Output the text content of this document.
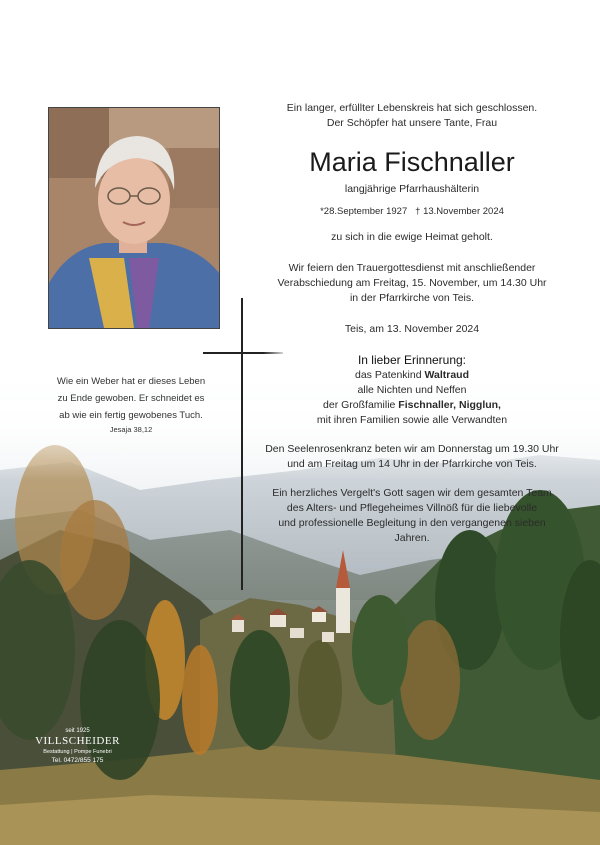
Ein langer, erfüllter Lebenskreis hat sich geschlossen.

Der Schöpfer hat unsere Tante, Frau

Maria Fischnaller
langjährige Pfarrhaushälterin
*28.September 1927 † 13.November 2024
zu sich in die ewige Heimat geholt.

Wir feiern den Trauergottesdienst mit anschließender

Verabschiedung am Freitag, 15. November, um 14.30 Uhr

in der Pfarrkirche von Teis.

Teis, am 13. November 2024

In lieber Erinnerung:

das Patenkind Waltraud

alle Nichten und Neffen

der Großfamilie Fischnaller, Nigglun,

mit ihren Familien sowie alle Verwandten

Den Seelenrosenkranz beten wir am Donnerstag um 19.30 Uhr

und am Freitag um 14 Uhr in der Pfarrkirche von Teis.

Ein herzliches Vergelt's Gott sagen wir dem gesamten Team

des Alters- und Pflegeheimes Villnöß für die liebevolle

und professionelle Begleitung in den vergangenen sieben Jahren.

Wie ein Weber hat er dieses Leben
zu Ende gewoben. Er schneidet es
ab wie ein fertig gewobenes Tuch.
Jesaja 38,12
seit 1925
VILLSCHEIDER
Bestattung | Pompe Funebri
Tel. 0472/855 175
